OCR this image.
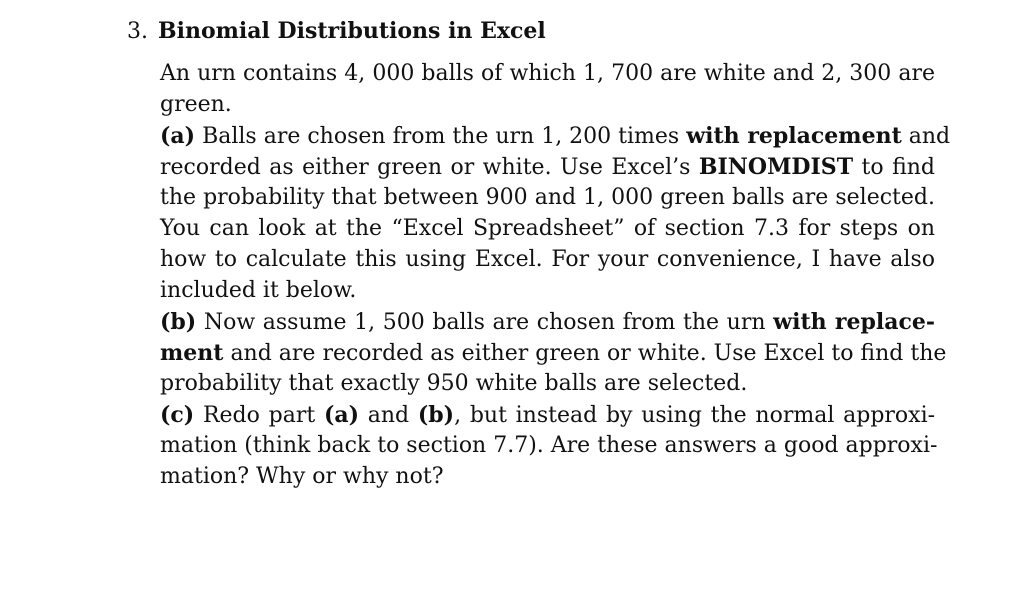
3. Binomial Distributions in Excel
An urn contains 4, 000 balls of which 1, 700 are white and 2, 300 are
green.
(a) Balls are chosen from the urn 1, 200 times with replacement and
recorded as either green or white. Use Excel’s BINOMDIST to find
the probability that between 900 and 1, 000 green balls are selected.
You can look at the “Excel Spreadsheet” of section 7.3 for steps on
how to calculate this using Excel. For your convenience, I have also
included it below.
(b) Now assume 1, 500 balls are chosen from the urn with replace-
ment and are recorded as either green or white. Use Excel to find the
probability that exactly 950 white balls are selected.
(c) Redo part (a) and (b), but instead by using the normal approxi-
mation (think back to section 7.7). Are these answers a good approxi-
mation? Why or why not?
